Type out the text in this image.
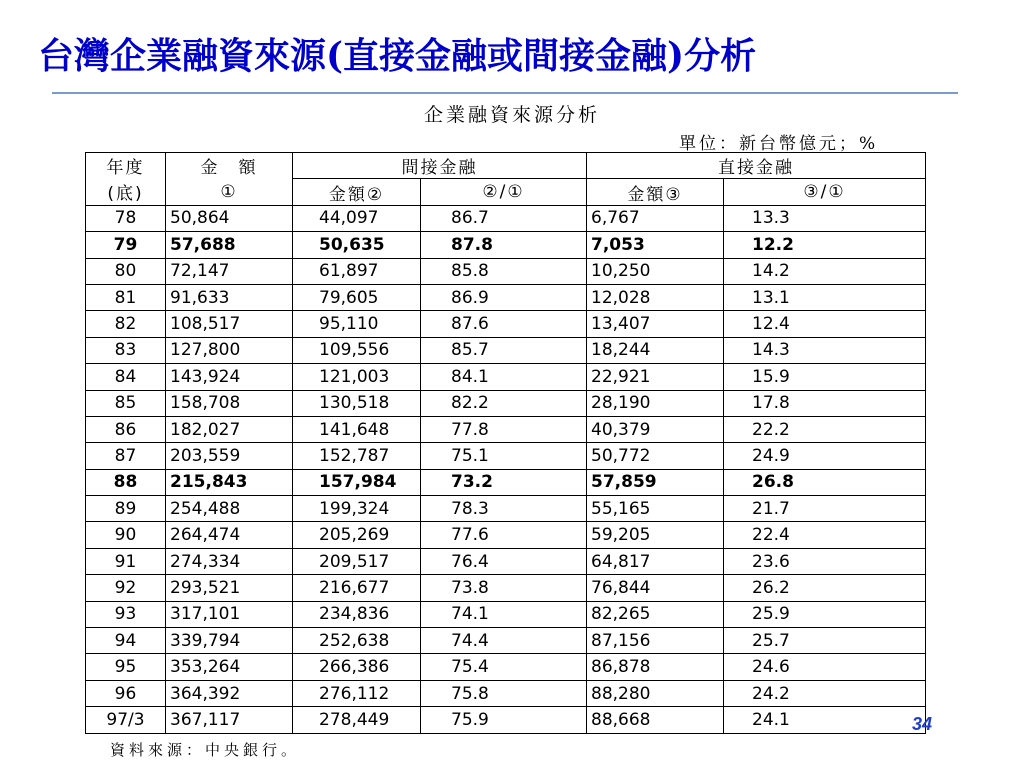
台灣企業融資來源(直接金融或間接金融)分析
企業融資來源分析
單位：新台幣億元；%
年度	金　額	間接金融		直接金融	
(底)	①	金額②	②/①	金額③	③/①
78	50,864	44,097	86.7	6,767	13.3
79	57,688	50,635	87.8	7,053	12.2
80	72,147	61,897	85.8	10,250	14.2
81	91,633	79,605	86.9	12,028	13.1
82	108,517	95,110	87.6	13,407	12.4
83	127,800	109,556	85.7	18,244	14.3
84	143,924	121,003	84.1	22,921	15.9
85	158,708	130,518	82.2	28,190	17.8
86	182,027	141,648	77.8	40,379	22.2
87	203,559	152,787	75.1	50,772	24.9
88	215,843	157,984	73.2	57,859	26.8
89	254,488	199,324	78.3	55,165	21.7
90	264,474	205,269	77.6	59,205	22.4
91	274,334	209,517	76.4	64,817	23.6
92	293,521	216,677	73.8	76,844	26.2
93	317,101	234,836	74.1	82,265	25.9
94	339,794	252,638	74.4	87,156	25.7
95	353,264	266,386	75.4	86,878	24.6
96	364,392	276,112	75.8	88,280	24.2
97/3	367,117	278,449	75.9	88,668	24.1
資料來源：中央銀行。
34
